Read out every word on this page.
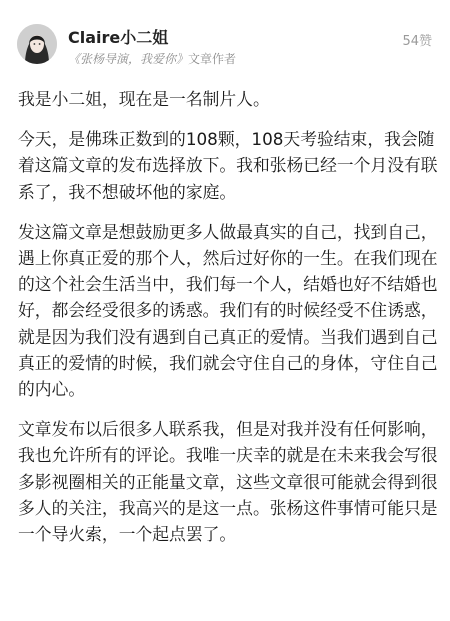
Claire小二姐
《张杨导演，我爱你》文章作者
54赞

我是小二姐，现在是一名制片人。

今天，是佛珠正数到的108颗，108天考验结束，我会随着这篇文章的发布选择放下。我和张杨已经一个月没有联系了，我不想破坏他的家庭。

发这篇文章是想鼓励更多人做最真实的自己，找到自己，遇上你真正爱的那个人，然后过好你的一生。在我们现在的这个社会生活当中，我们每一个人，结婚也好不结婚也好，都会经受很多的诱惑。我们有的时候经受不住诱惑，就是因为我们没有遇到自己真正的爱情。当我们遇到自己真正的爱情的时候，我们就会守住自己的身体，守住自己的内心。

文章发布以后很多人联系我，但是对我并没有任何影响，我也允许所有的评论。我唯一庆幸的就是在未来我会写很多影视圈相关的正能量文章，这些文章很可能就会得到很多人的关注，我高兴的是这一点。张杨这件事情可能只是一个导火索，一个起点罢了。
